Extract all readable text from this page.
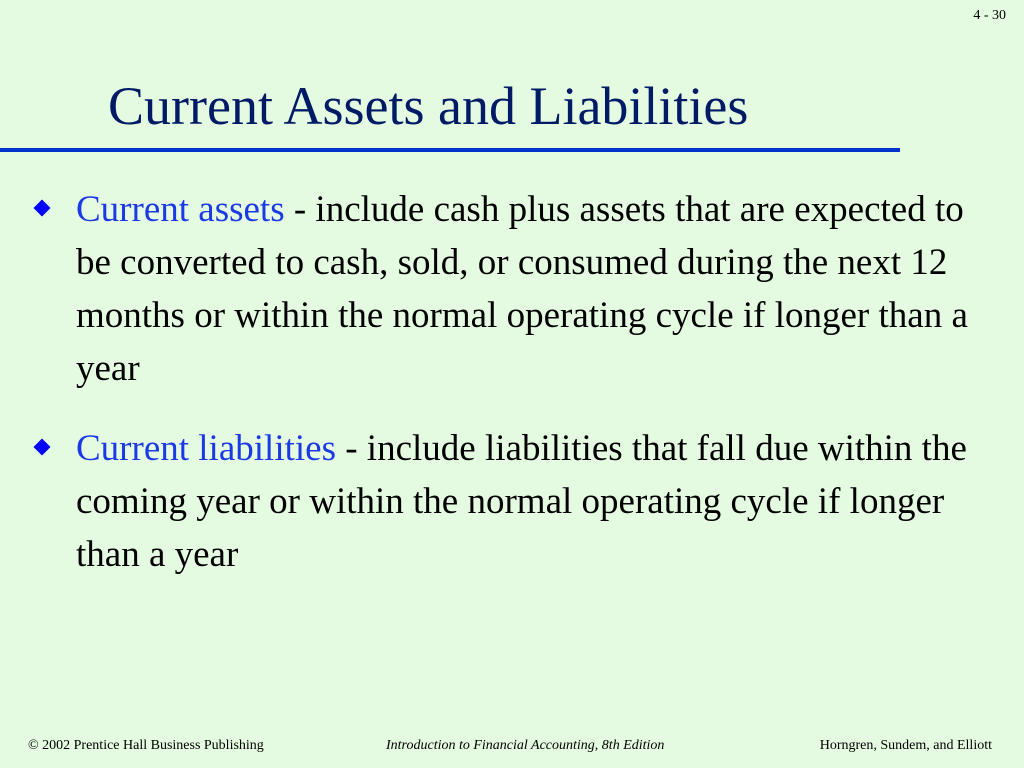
4 - 30
Current Assets and Liabilities

Current assets - include cash plus assets that are expected to be converted to cash, sold, or consumed during the next 12 months or within the normal operating cycle if longer than a year

Current liabilities - include liabilities that fall due within the coming year or within the normal operating cycle if longer than a year

© 2002 Prentice Hall Business Publishing	Introduction to Financial Accounting, 8th Edition	Horngren, Sundem, and Elliott
